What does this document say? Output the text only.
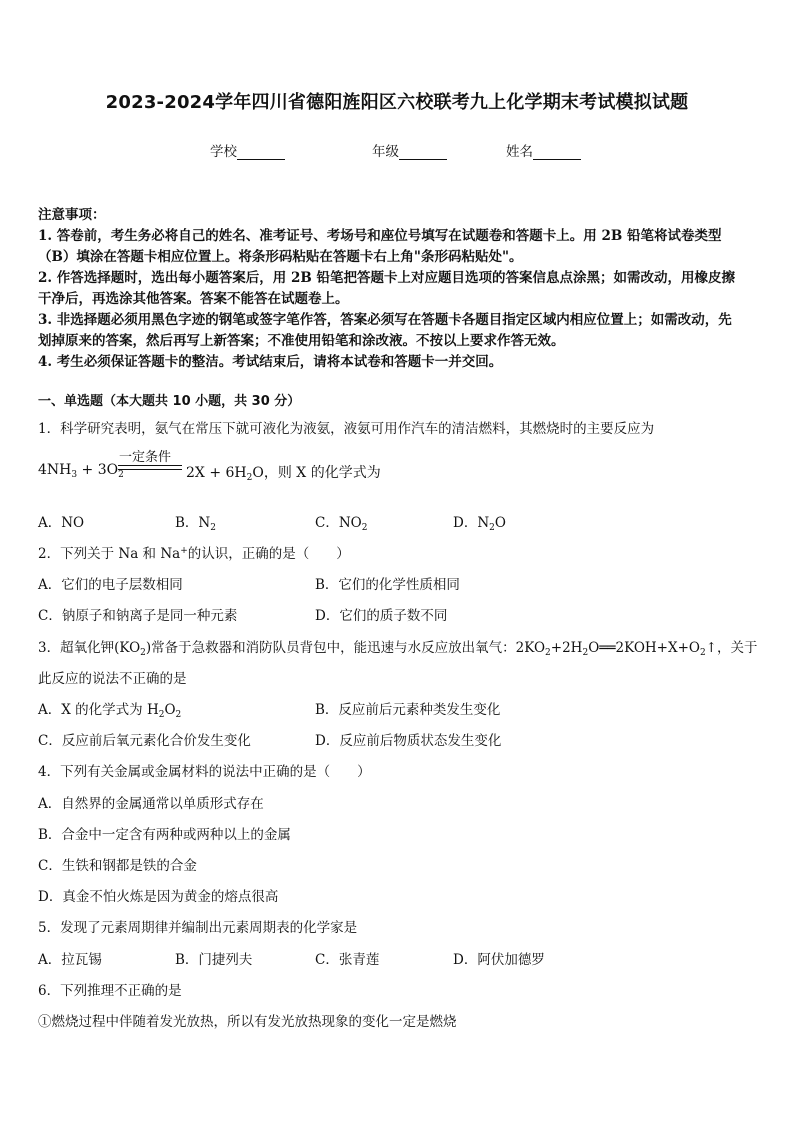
2023-2024学年四川省德阳旌阳区六校联考九上化学期末考试模拟试题
学校	年级	姓名
注意事项：
1. 答卷前，考生务必将自己的姓名、准考证号、考场号和座位号填写在试题卷和答题卡上。用 2B 铅笔将试卷类型
（B）填涂在答题卡相应位置上。将条形码粘贴在答题卡右上角"条形码粘贴处"。
2. 作答选择题时，选出每小题答案后，用 2B 铅笔把答题卡上对应题目选项的答案信息点涂黑；如需改动，用橡皮擦
干净后，再选涂其他答案。答案不能答在试题卷上。
3. 非选择题必须用黑色字迹的钢笔或签字笔作答，答案必须写在答题卡各题目指定区域内相应位置上；如需改动，先
划掉原来的答案，然后再写上新答案；不准使用铅笔和涂改液。不按以上要求作答无效。
4. 考生必须保证答题卡的整洁。考试结束后，请将本试卷和答题卡一并交回。
一、单选题（本大题共 10 小题，共 30 分）
1．科学研究表明，氨气在常压下就可液化为液氨，液氨可用作汽车的清洁燃料，其燃烧时的主要反应为
$4NH_3 + 3O_2$
一定条件
$2X + 6H_2O$，则 X 的化学式为
A．NO	B．$N_2$	C．$NO_2$	D．$N_2O$
2．下列关于 Na 和 Na+的认识，正确的是（　　）
A．它们的电子层数相同	B．它们的化学性质相同
C．钠原子和钠离子是同一种元素	D．它们的质子数不同
3．超氧化钾$(KO_2)$常备于急救器和消防队员背包中，能迅速与水反应放出氧气：$2KO_2+2H_2O══2KOH+X+O_2↑$，关于
此反应的说法不正确的是
A．X 的化学式为 $H_2O_2$	B．反应前后元素种类发生变化
C．反应前后氧元素化合价发生变化	D．反应前后物质状态发生变化
4．下列有关金属或金属材料的说法中正确的是（　　）
A．自然界的金属通常以单质形式存在
B．合金中一定含有两种或两种以上的金属
C．生铁和钢都是铁的合金
D．真金不怕火炼是因为黄金的熔点很高
5．发现了元素周期律并编制出元素周期表的化学家是
A．拉瓦锡	B．门捷列夫	C．张青莲	D．阿伏加德罗
6．下列推理不正确的是
①燃烧过程中伴随着发光放热，所以有发光放热现象的变化一定是燃烧
